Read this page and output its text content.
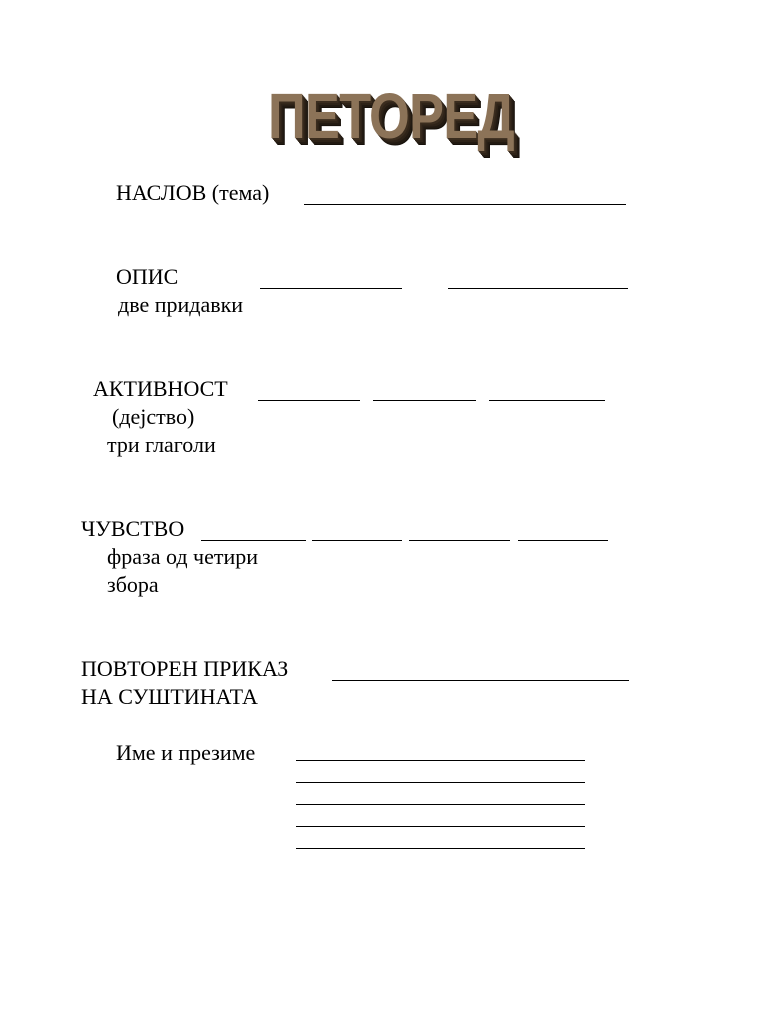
ПЕТОРЕД
НАСЛОВ (тема)
ОПИС
две придавки
АКТИВНОСТ
(дејство)
три глаголи
ЧУВСТВО
фраза од четири
збора
ПОВТОРЕН ПРИКАЗ
НА СУШТИНАТА
Име и презиме
